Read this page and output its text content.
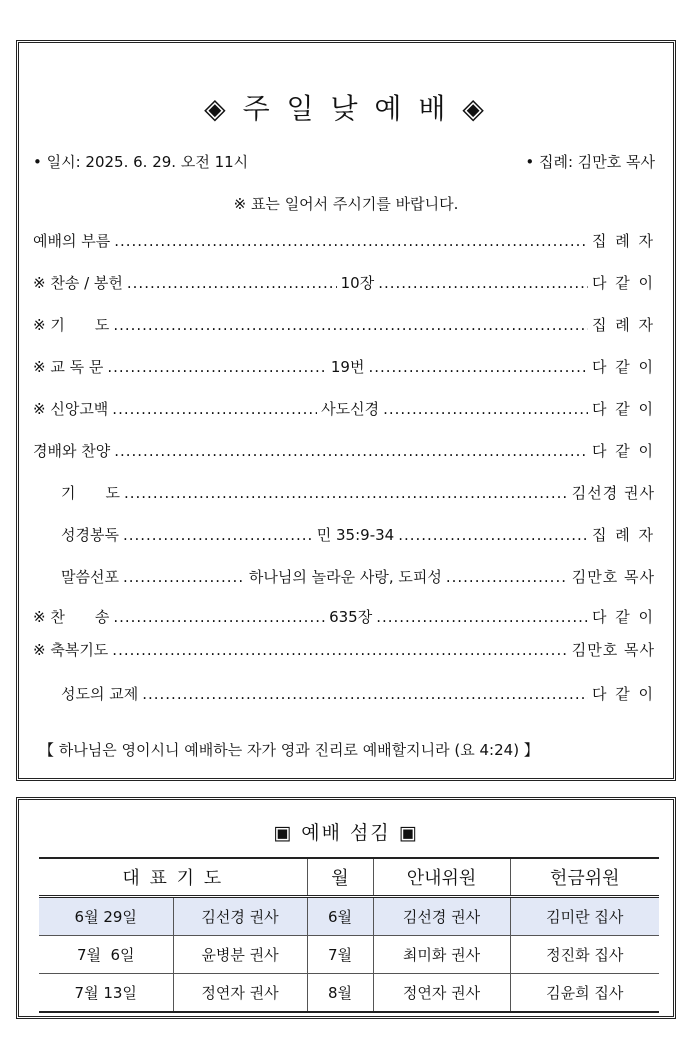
◈ 주 일 낮 예 배 ◈
• 일시: 2025. 6. 29. 오전 11시	• 집례: 김만호 목사
※ 표는 일어서 주시기를 바랍니다.
예배의 부름 .....	집 례 자
※ 찬송 / 봉헌 .....	10장 .....	다 같 이
※ 기　　도 .....	집 례 자
※ 교 독 문 .....	19번 .....	다 같 이
※ 신앙고백 .....	사도신경 .....	다 같 이
경배와 찬양 .....	다 같 이
기　　도 .....	김선경 권사
성경봉독 .....	민 35:9-34 .....	집 례 자
말씀선포 .....	하나님의 놀라운 사랑, 도피성 .....	김만호 목사
※ 찬　　송 .....	635장 .....	다 같 이
※ 축복기도 .....	김만호 목사
성도의 교제 .....	다 같 이
【 하나님은 영이시니 예배하는 자가 영과 진리로 예배할지니라 (요 4:24) 】
▣ 예배 섬김 ▣
대 표 기 도		월	안내위원	헌금위원
6월 29일	김선경 권사	6월	김선경 권사	김미란 집사
7월  6일	윤병분 권사	7월	최미화 권사	정진화 집사
7월 13일	정연자 권사	8월	정연자 권사	김윤희 집사
